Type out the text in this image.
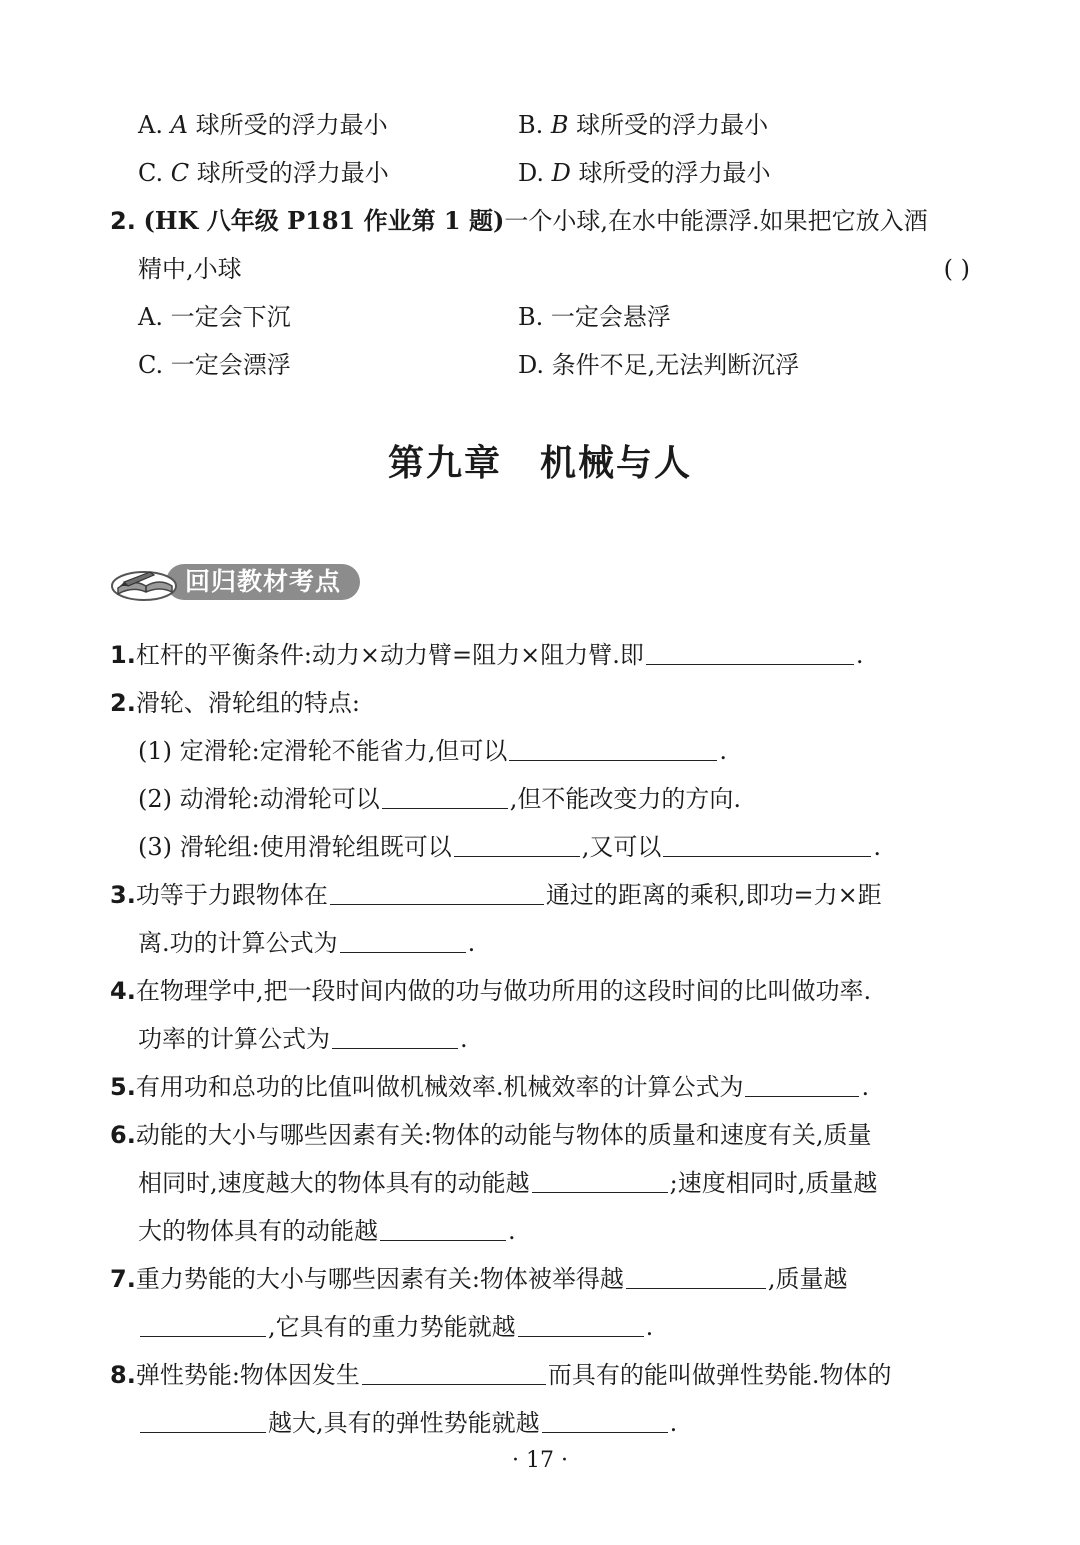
A. A 球所受的浮力最小	B. B 球所受的浮力最小
C. C 球所受的浮力最小	D. D 球所受的浮力最小
2. (HK 八年级 P181 作业第 1 题)一个小球,在水中能漂浮.如果把它放入酒
精中,小球	( )
A. 一定会下沉	B. 一定会悬浮
C. 一定会漂浮	D. 条件不足,无法判断沉浮
第九章　机械与人
回归教材考点
1.杠杆的平衡条件:动力×动力臂=阻力×阻力臂.即	.
2.滑轮、滑轮组的特点:
(1) 定滑轮:定滑轮不能省力,但可以	.
(2) 动滑轮:动滑轮可以	,但不能改变力的方向.
(3) 滑轮组:使用滑轮组既可以	,又可以	.
3.功等于力跟物体在	通过的距离的乘积,即功=力×距
离.功的计算公式为	.
4.在物理学中,把一段时间内做的功与做功所用的这段时间的比叫做功率.
功率的计算公式为	.
5.有用功和总功的比值叫做机械效率.机械效率的计算公式为	.
6.动能的大小与哪些因素有关:物体的动能与物体的质量和速度有关,质量
相同时,速度越大的物体具有的动能越	;速度相同时,质量越
大的物体具有的动能越	.
7.重力势能的大小与哪些因素有关:物体被举得越	,质量越
,它具有的重力势能就越	.
8.弹性势能:物体因发生	而具有的能叫做弹性势能.物体的
越大,具有的弹性势能就越	.
· 17 ·
